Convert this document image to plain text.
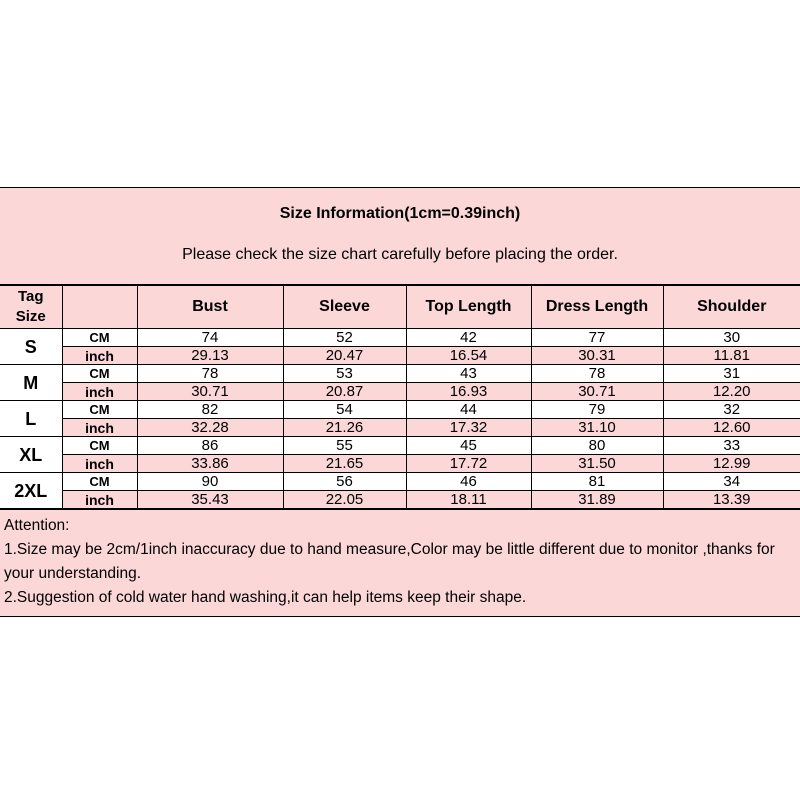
Size Information(1cm=0.39inch)
Please check the size chart carefully before placing the order.
Tag
Size		Bust	Sleeve	Top Length	Dress Length	Shoulder
S	CM	74	52	42	77	30
	inch	29.13	20.47	16.54	30.31	11.81
M	CM	78	53	43	78	31
	inch	30.71	20.87	16.93	30.71	12.20
L	CM	82	54	44	79	32
	inch	32.28	21.26	17.32	31.10	12.60
XL	CM	86	55	45	80	33
	inch	33.86	21.65	17.72	31.50	12.99
2XL	CM	90	56	46	81	34
	inch	35.43	22.05	18.11	31.89	13.39
Attention:
1.Size may be 2cm/1inch inaccuracy due to hand measure,Color may be little different due to monitor ,thanks for your understanding.
2.Suggestion of cold water hand washing,it can help items keep their shape.
